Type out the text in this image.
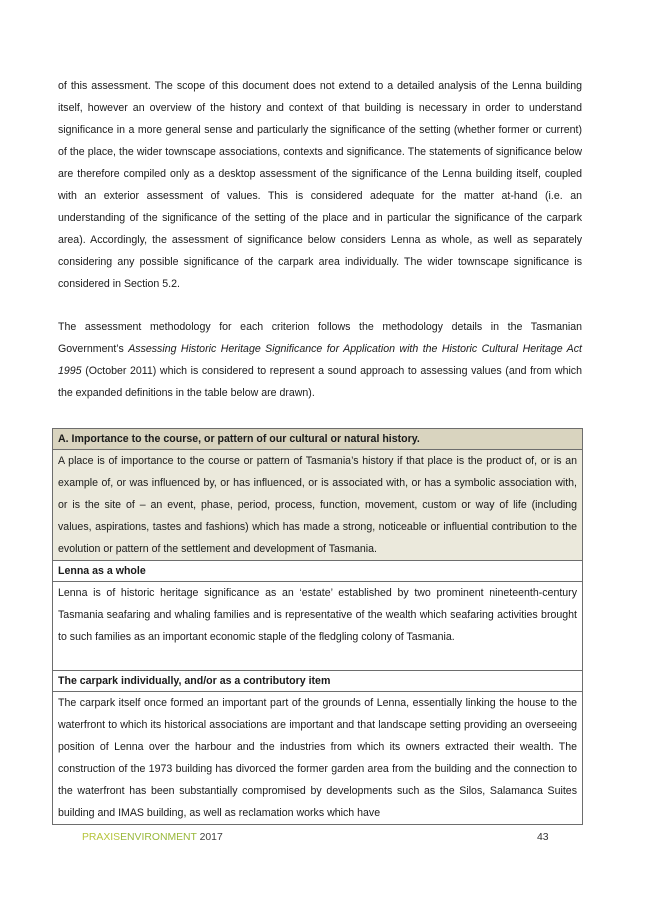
of this assessment. The scope of this document does not extend to a detailed analysis of the Lenna building itself, however an overview of the history and context of that building is necessary in order to understand significance in a more general sense and particularly the significance of the setting (whether former or current) of the place, the wider townscape associations, contexts and significance. The statements of significance below are therefore compiled only as a desktop assessment of the significance of the Lenna building itself, coupled with an exterior assessment of values. This is considered adequate for the matter at-hand (i.e. an understanding of the significance of the setting of the place and in particular the significance of the carpark area). Accordingly, the assessment of significance below considers Lenna as whole, as well as separately considering any possible significance of the carpark area individually. The wider townscape significance is considered in Section 5.2.

The assessment methodology for each criterion follows the methodology details in the Tasmanian Government’s Assessing Historic Heritage Significance for Application with the Historic Cultural Heritage Act 1995 (October 2011) which is considered to represent a sound approach to assessing values (and from which the expanded definitions in the table below are drawn).

A. Importance to the course, or pattern of our cultural or natural history.
A place is of importance to the course or pattern of Tasmania’s history if that place is the product of, or is an example of, or was influenced by, or has influenced, or is associated with, or has a symbolic association with, or is the site of – an event, phase, period, process, function, movement, custom or way of life (including values, aspirations, tastes and fashions) which has made a strong, noticeable or influential contribution to the evolution or pattern of the settlement and development of Tasmania.
Lenna as a whole
Lenna is of historic heritage significance as an ‘estate’ established by two prominent nineteenth-century Tasmania seafaring and whaling families and is representative of the wealth which seafaring activities brought to such families as an important economic staple of the fledgling colony of Tasmania.
The carpark individually, and/or as a contributory item
The carpark itself once formed an important part of the grounds of Lenna, essentially linking the house to the waterfront to which its historical associations are important and that landscape setting providing an overseeing position of Lenna over the harbour and the industries from which its owners extracted their wealth. The construction of the 1973 building has divorced the former garden area from the building and the connection to the waterfront has been substantially compromised by developments such as the Silos, Salamanca Suites building and IMAS building, as well as reclamation works which have
PRAXISENVIRONMENT 2017	43
